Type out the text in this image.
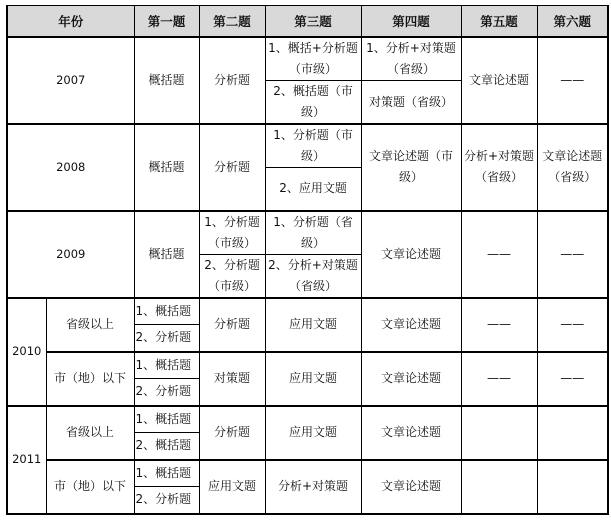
年份		第一题	第二题	第三题	第四题	第五题	第六题
2007		概括题	分析题	1、概括+分析题（市级）	1、分析+对策题（省级）	文章论述题	——
				2、概括题（市级）	对策题（省级）		
2008		概括题	分析题	1、分析题（市级）	文章论述题（市级）	分析+对策题（省级）	文章论述题（省级）
				2、应用文题			
2009		概括题	1、分析题（市级）	1、分析题（省级）	文章论述题	——	——
			2、分析题（市级）	2、分析+对策题（省级）			
2010	省级以上	1、概括题	分析题	应用文题	文章论述题	——	——
		2、分析题					
	市（地）以下	1、概括题	对策题	应用文题	文章论述题	——	——
		2、分析题					
2011	省级以上	1、概括题	分析题	应用文题	文章论述题		
		2、概括题					
	市（地）以下	1、概括题	应用文题	分析+对策题	文章论述题		
		2、分析题					
